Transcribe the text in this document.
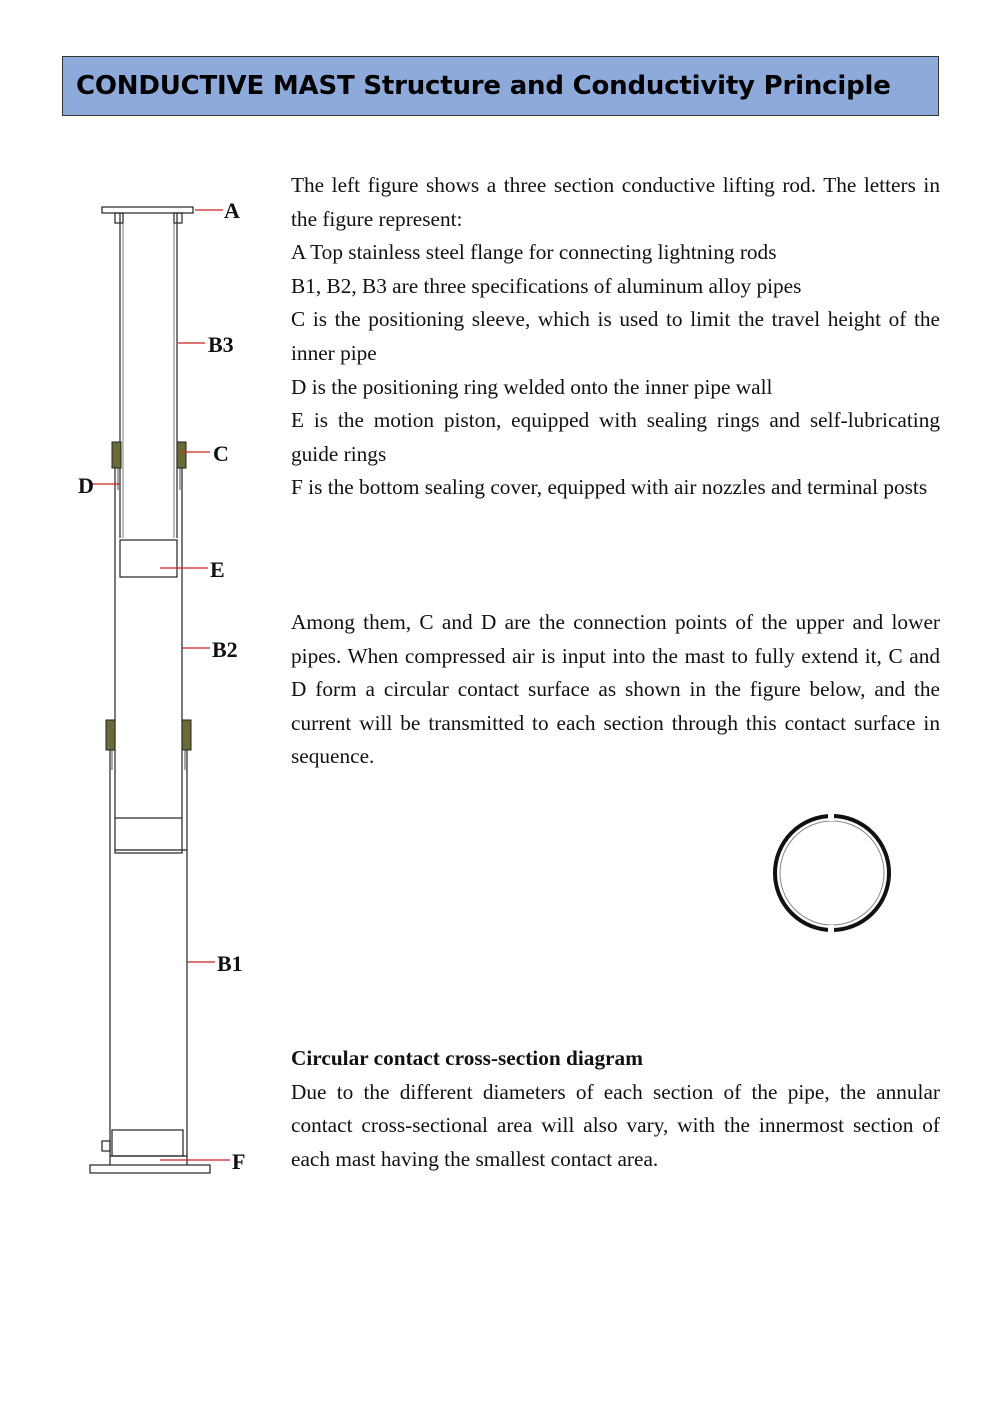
CONDUCTIVE MAST Structure and Conductivity Principle
A
B3
C
D
E
B2
B1
F

The left figure shows a three section conductive lifting rod. The letters in the figure represent:

A Top stainless steel flange for connecting lightning rods

B1, B2, B3 are three specifications of aluminum alloy pipes

C is the positioning sleeve, which is used to limit the travel height of the inner pipe

D is the positioning ring welded onto the inner pipe wall

E is the motion piston, equipped with sealing rings and self-lubricating guide rings

F is the bottom sealing cover, equipped with air nozzles and terminal posts

Among them, C and D are the connection points of the upper and lower pipes. When compressed air is input into the mast to fully extend it, C and D form a circular contact surface as shown in the figure below, and the current will be transmitted to each section through this contact surface in sequence.

Circular contact cross-section diagram

Due to the different diameters of each section of the pipe, the annular contact cross-sectional area will also vary, with the innermost section of each mast having the smallest contact area.
